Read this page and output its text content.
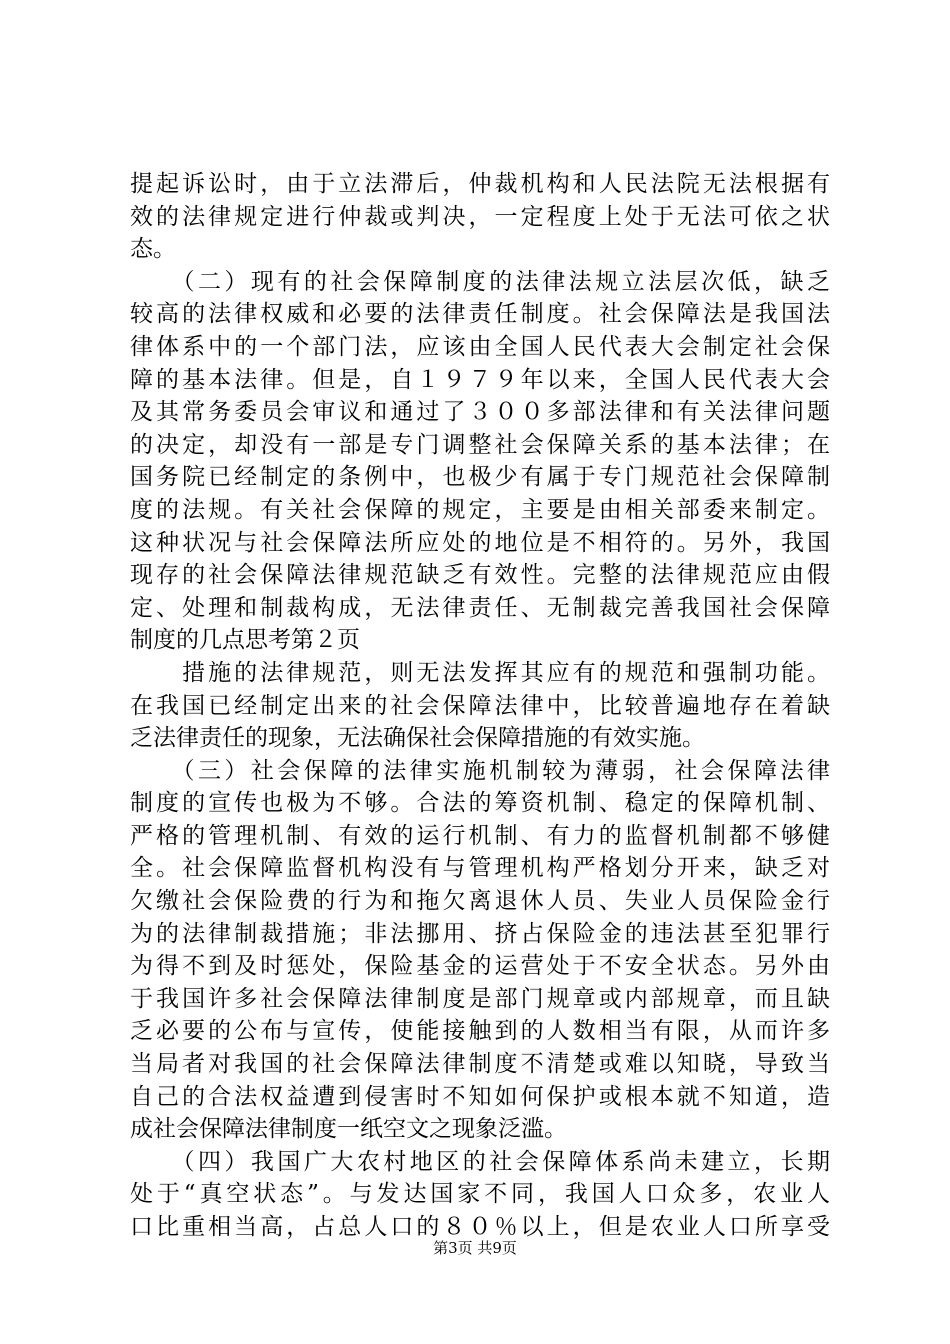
提起诉讼时，由于立法滞后，仲裁机构和人民法院无法根据有
效的法律规定进行仲裁或判决，一定程度上处于无法可依之状
态。
　　（二）现有的社会保障制度的法律法规立法层次低，缺乏
较高的法律权威和必要的法律责任制度。社会保障法是我国法
律体系中的一个部门法，应该由全国人民代表大会制定社会保
障的基本法律。但是，自１９７９年以来，全国人民代表大会
及其常务委员会审议和通过了３００多部法律和有关法律问题
的决定，却没有一部是专门调整社会保障关系的基本法律；在
国务院已经制定的条例中，也极少有属于专门规范社会保障制
度的法规。有关社会保障的规定，主要是由相关部委来制定。
这种状况与社会保障法所应处的地位是不相符的。另外，我国
现存的社会保障法律规范缺乏有效性。完整的法律规范应由假
定、处理和制裁构成，无法律责任、无制裁完善我国社会保障
制度的几点思考第２页
　　措施的法律规范，则无法发挥其应有的规范和强制功能。
在我国已经制定出来的社会保障法律中，比较普遍地存在着缺
乏法律责任的现象，无法确保社会保障措施的有效实施。
　　（三）社会保障的法律实施机制较为薄弱，社会保障法律
制度的宣传也极为不够。合法的筹资机制、稳定的保障机制、
严格的管理机制、有效的运行机制、有力的监督机制都不够健
全。社会保障监督机构没有与管理机构严格划分开来，缺乏对
欠缴社会保险费的行为和拖欠离退休人员、失业人员保险金行
为的法律制裁措施；非法挪用、挤占保险金的违法甚至犯罪行
为得不到及时惩处，保险基金的运营处于不安全状态。另外由
于我国许多社会保障法律制度是部门规章或内部规章，而且缺
乏必要的公布与宣传，使能接触到的人数相当有限，从而许多
当局者对我国的社会保障法律制度不清楚或难以知晓，导致当
自己的合法权益遭到侵害时不知如何保护或根本就不知道，造
成社会保障法律制度一纸空文之现象泛滥。
　　（四）我国广大农村地区的社会保障体系尚未建立，长期
处于“真空状态”。与发达国家不同，我国人口众多，农业人
口比重相当高，占总人口的８０％以上，但是农业人口所享受
第3页 共9页
